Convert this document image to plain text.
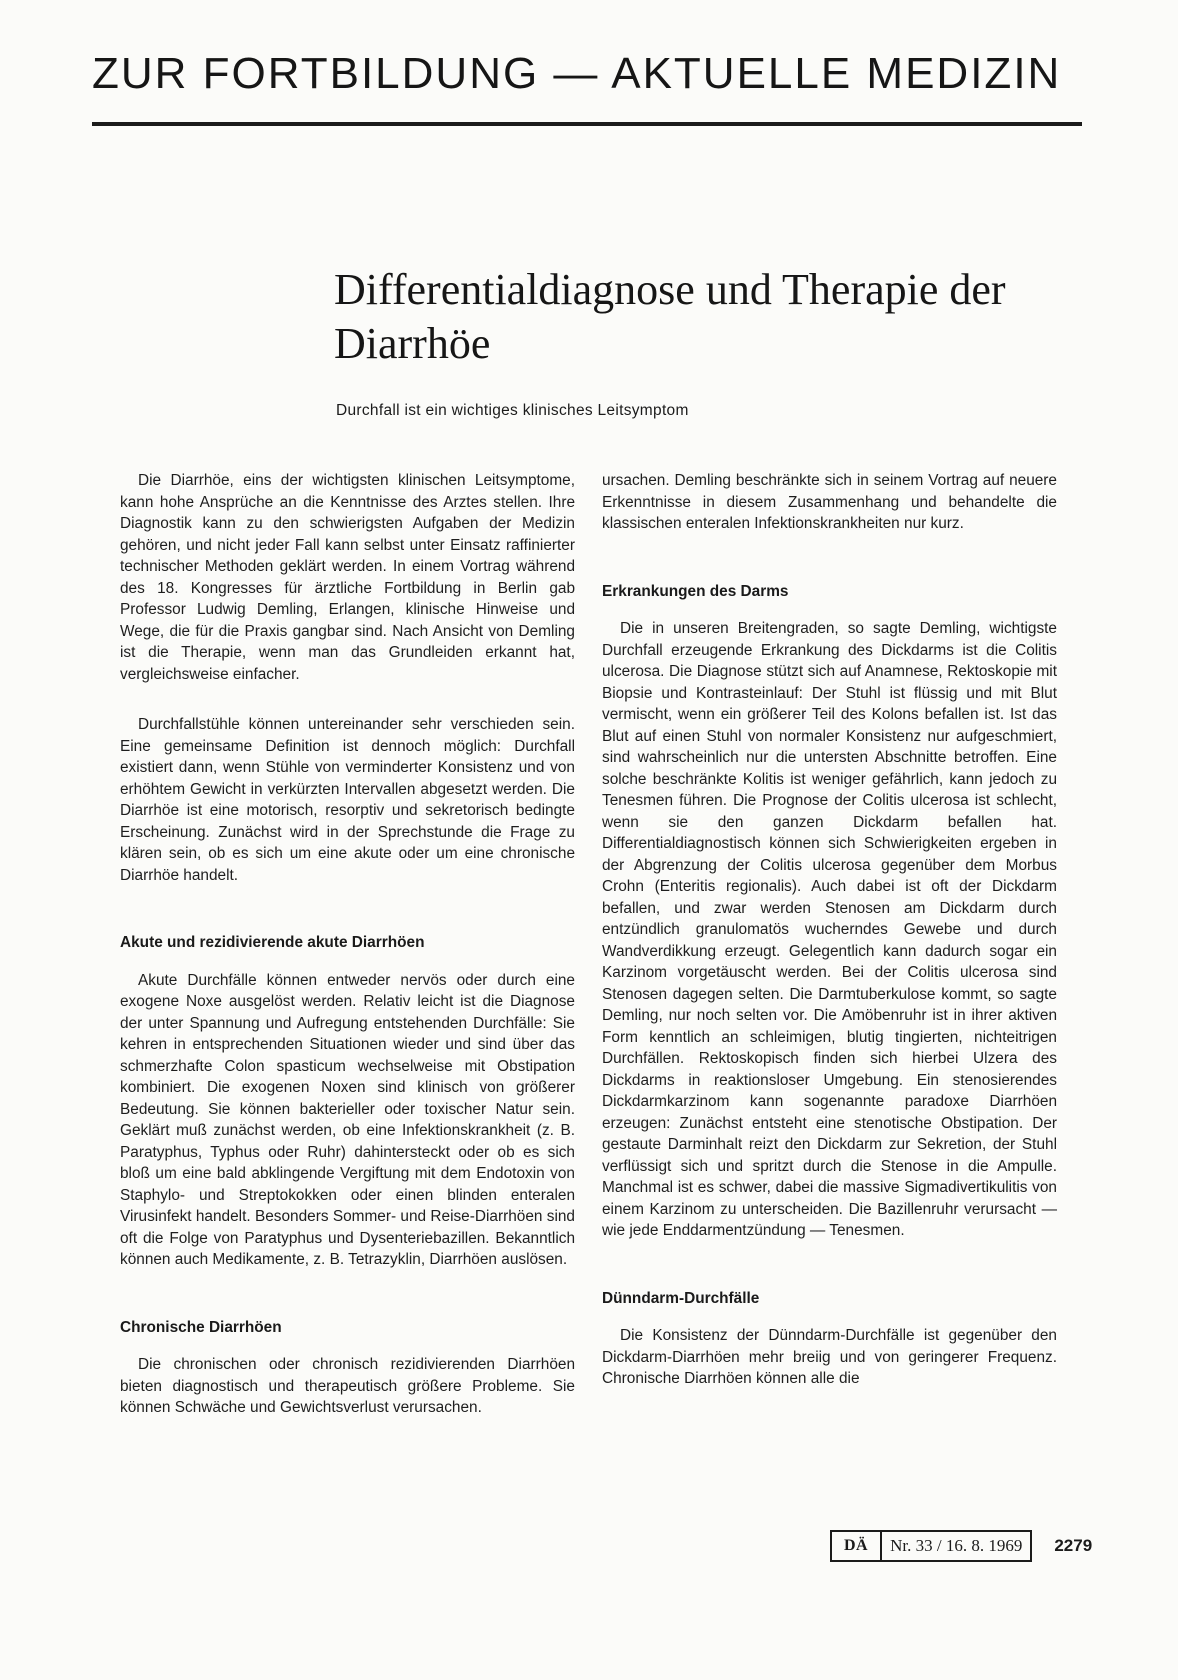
ZUR FORTBILDUNG — AKTUELLE MEDIZIN
Differentialdiagnose und Therapie der Diarrhöe

Durchfall ist ein wichtiges klinisches Leitsymptom

Die Diarrhöe, eins der wichtigsten klinischen Leitsymptome, kann hohe Ansprüche an die Kenntnisse des Arztes stellen. Ihre Diagnostik kann zu den schwierigsten Aufgaben der Medizin gehören, und nicht jeder Fall kann selbst unter Einsatz raffinierter technischer Methoden geklärt werden. In einem Vortrag während des 18. Kongresses für ärztliche Fortbildung in Berlin gab Professor Ludwig Demling, Erlangen, klinische Hinweise und Wege, die für die Praxis gangbar sind. Nach Ansicht von Demling ist die Therapie, wenn man das Grundleiden erkannt hat, vergleichsweise einfacher.

Durchfallstühle können untereinander sehr verschieden sein. Eine gemeinsame Definition ist dennoch möglich: Durchfall existiert dann, wenn Stühle von verminderter Konsistenz und von erhöhtem Gewicht in verkürzten Intervallen abgesetzt werden. Die Diarrhöe ist eine motorisch, resorptiv und sekretorisch bedingte Erscheinung. Zunächst wird in der Sprechstunde die Frage zu klären sein, ob es sich um eine akute oder um eine chronische Diarrhöe handelt.

Akute und rezidivierende akute Diarrhöen

Akute Durchfälle können entweder nervös oder durch eine exogene Noxe ausgelöst werden. Relativ leicht ist die Diagnose der unter Spannung und Aufregung entstehenden Durchfälle: Sie kehren in entsprechenden Situationen wieder und sind über das schmerzhafte Colon spasticum wechselweise mit Obstipation kombiniert. Die exogenen Noxen sind klinisch von größerer Bedeutung. Sie können bakterieller oder toxischer Natur sein. Geklärt muß zunächst werden, ob eine Infektionskrankheit (z. B. Paratyphus, Typhus oder Ruhr) dahintersteckt oder ob es sich bloß um eine bald abklingende Vergiftung mit dem Endotoxin von Staphylo- und Streptokokken oder einen blinden enteralen Virusinfekt handelt. Besonders Sommer- und Reise-Diarrhöen sind oft die Folge von Paratyphus und Dysenteriebazillen. Bekanntlich können auch Medikamente, z. B. Tetrazyklin, Diarrhöen auslösen.

Chronische Diarrhöen

Die chronischen oder chronisch rezidivierenden Diarrhöen bieten diagnostisch und therapeutisch größere Probleme. Sie können Schwäche und Gewichtsverlust verursachen.

ursachen. Demling beschränkte sich in seinem Vortrag auf neuere Erkenntnisse in diesem Zusammenhang und behandelte die klassischen enteralen Infektionskrankheiten nur kurz.

Erkrankungen des Darms

Die in unseren Breitengraden, so sagte Demling, wichtigste Durchfall erzeugende Erkrankung des Dickdarms ist die Colitis ulcerosa. Die Diagnose stützt sich auf Anamnese, Rektoskopie mit Biopsie und Kontrasteinlauf: Der Stuhl ist flüssig und mit Blut vermischt, wenn ein größerer Teil des Kolons befallen ist. Ist das Blut auf einen Stuhl von normaler Konsistenz nur aufgeschmiert, sind wahrscheinlich nur die untersten Abschnitte betroffen. Eine solche beschränkte Kolitis ist weniger gefährlich, kann jedoch zu Tenesmen führen. Die Prognose der Colitis ulcerosa ist schlecht, wenn sie den ganzen Dickdarm befallen hat. Differentialdiagnostisch können sich Schwierigkeiten ergeben in der Abgrenzung der Colitis ulcerosa gegenüber dem Morbus Crohn (Enteritis regionalis). Auch dabei ist oft der Dickdarm befallen, und zwar werden Stenosen am Dickdarm durch entzündlich granulomatös wucherndes Gewebe und durch Wandverdikkung erzeugt. Gelegentlich kann dadurch sogar ein Karzinom vorgetäuscht werden. Bei der Colitis ulcerosa sind Stenosen dagegen selten. Die Darmtuberkulose kommt, so sagte Demling, nur noch selten vor. Die Amöbenruhr ist in ihrer aktiven Form kenntlich an schleimigen, blutig tingierten, nichteitrigen Durchfällen. Rektoskopisch finden sich hierbei Ulzera des Dickdarms in reaktionsloser Umgebung. Ein stenosierendes Dickdarmkarzinom kann sogenannte paradoxe Diarrhöen erzeugen: Zunächst entsteht eine stenotische Obstipation. Der gestaute Darminhalt reizt den Dickdarm zur Sekretion, der Stuhl verflüssigt sich und spritzt durch die Stenose in die Ampulle. Manchmal ist es schwer, dabei die massive Sigmadivertikulitis von einem Karzinom zu unterscheiden. Die Bazillenruhr verursacht — wie jede Enddarmentzündung — Tenesmen.

Dünndarm-Durchfälle

Die Konsistenz der Dünndarm-Durchfälle ist gegenüber den Dickdarm-Diarrhöen mehr breiig und von geringerer Frequenz. Chronische Diarrhöen können alle die

DÄ	Nr. 33 / 16. 8. 1969	2279
